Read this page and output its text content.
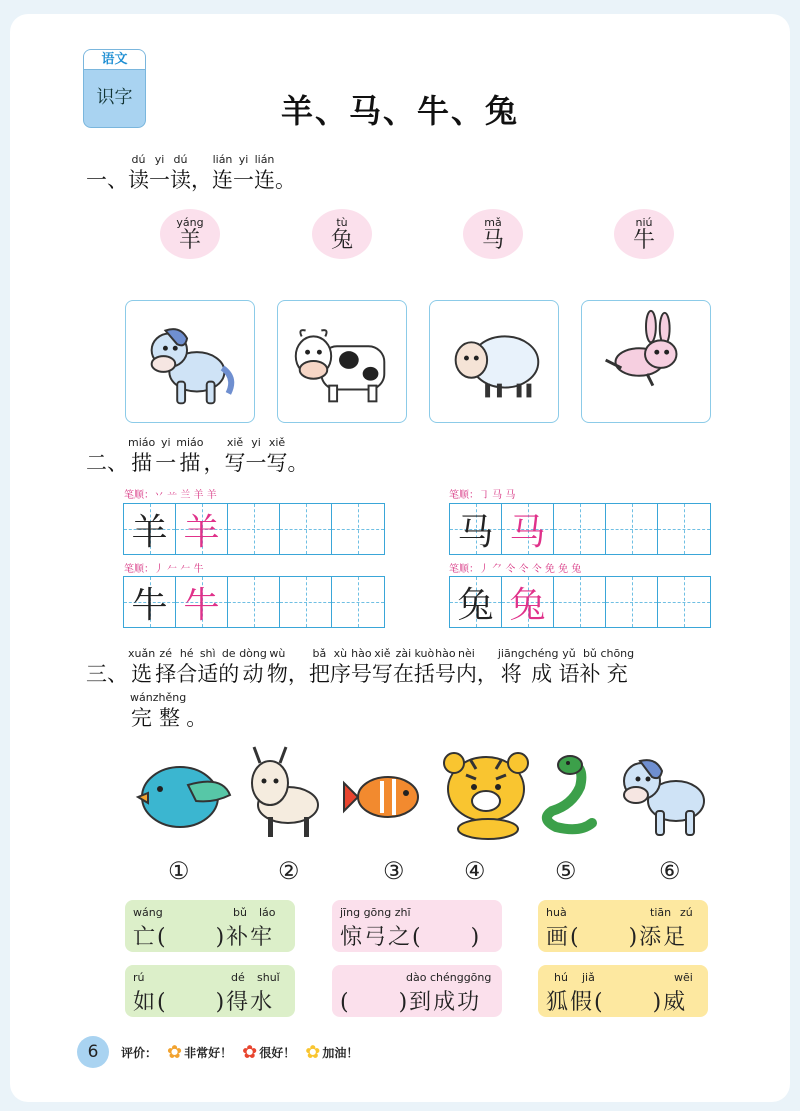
语文
识字	羊、马、牛、兔
一、
dú
读
yi
一
dú
读 ，
lián
连
yi
一
lián
连 。
yáng
羊
tù
兔
mǎ
马
niú
牛
二、
miáo
描
yi
一
miáo
描 ，
xiě
写
yi
一
xiě
写 。
笔顺：丷 䒑 兰 羊 羊
羊 羊
笔顺：㇆ 马 马
马 马
笔顺：丿 𠂉 𠂉 牛
牛 牛
笔顺：丿 ⺈ 仒 仒 仒 免 免 兔
兔 兔
三、
xuǎn
选
zé
择
hé
合
shì
适
de
的
dòng
动
wù
物 ，
bǎ
把
xù
序
hào
号
xiě
写
zài
在
kuò
括
hào
号
nèi
内 ，
jiāng
将
chéng
成
yǔ
语
bǔ
补
chōng
充
wán
完
zhěng
整 。
①	②	③ ④	⑤	⑥
wáng	bǔ láo
亡(　　)补牢
jīng gōng zhī
惊弓之(　　)
huà	tiān zú
画(　　)添足
rú	dé shuǐ
如(　　)得水
dào chénggōng
(　　)到成功
hú jiǎ	wēi
狐假(　　)威
6	评价： ✿ 非常好！ ✿ 很好！ ✿ 加油！
